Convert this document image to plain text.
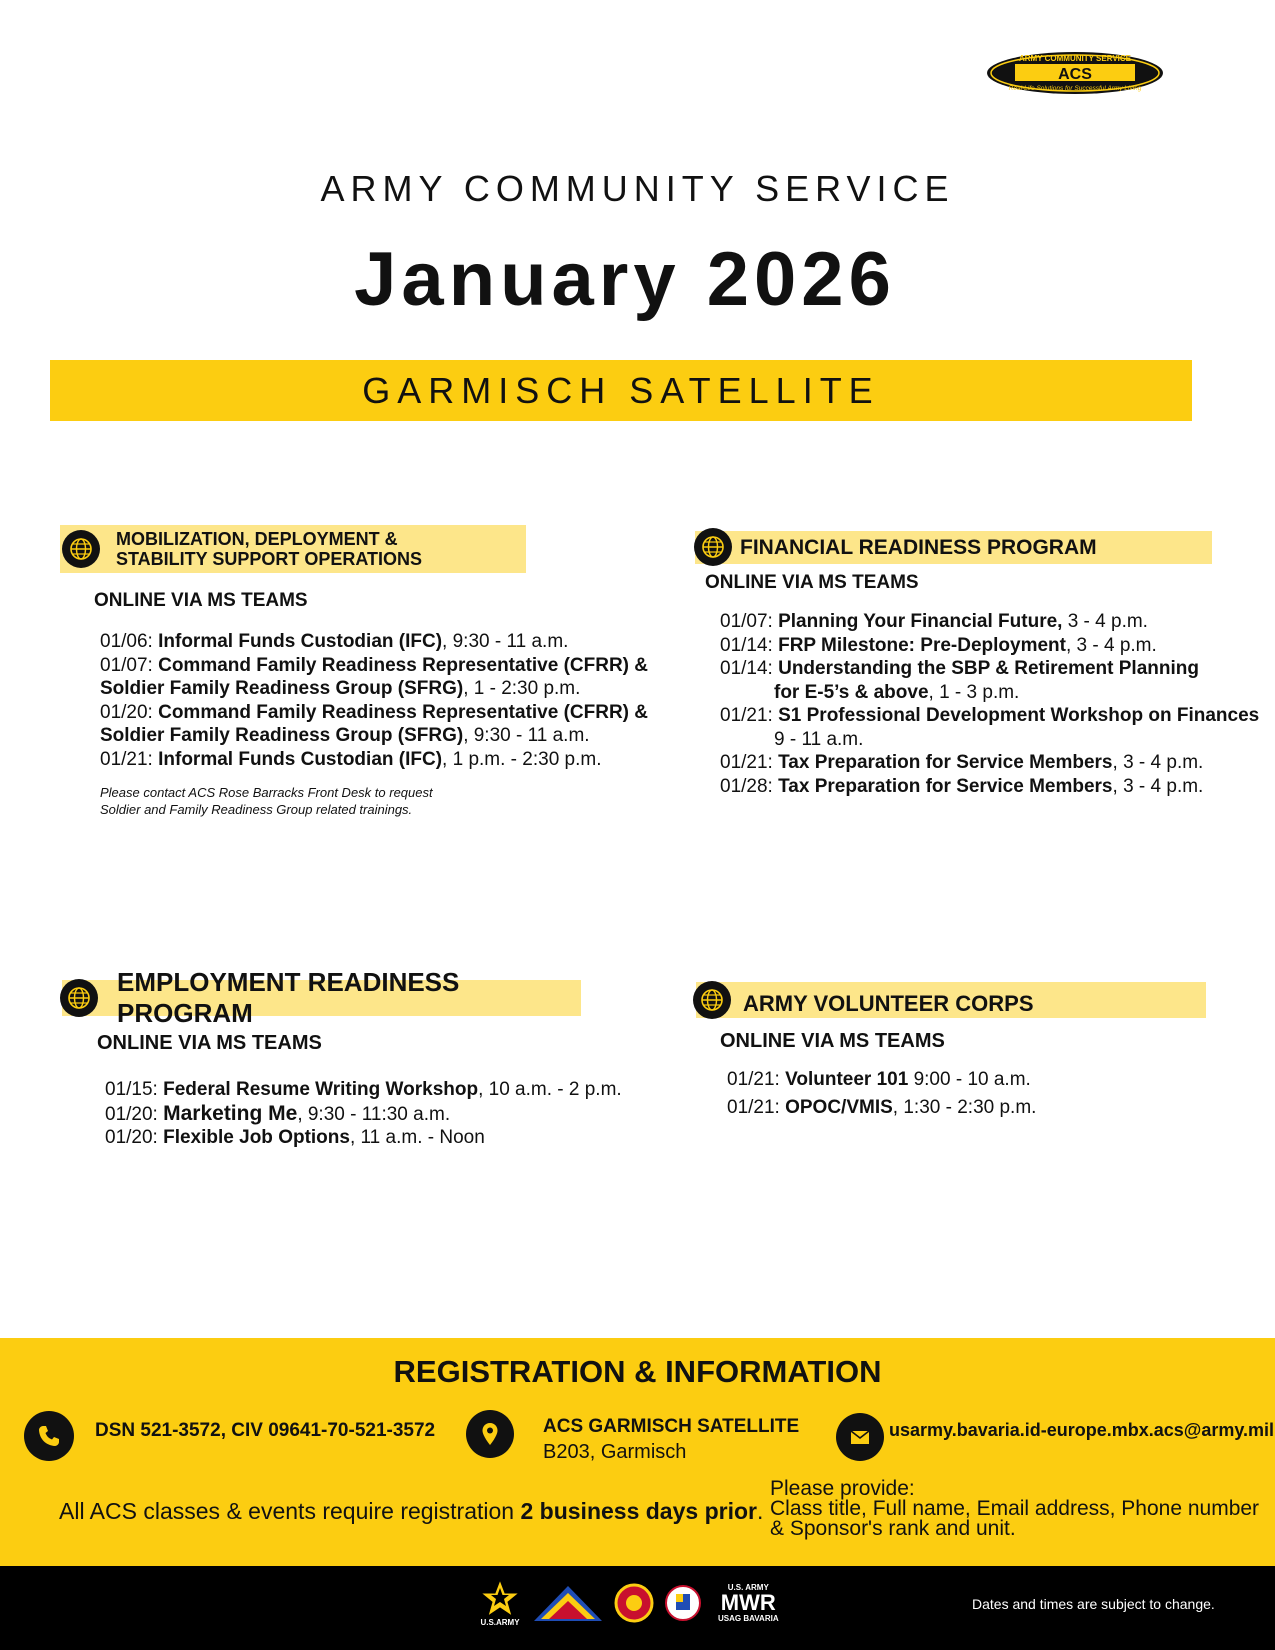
ARMY COMMUNITY SERVICE
ACS
Real-Life Solutions for Successful Army Living
ARMY COMMUNITY SERVICE
January 2026
GARMISCH SATELLITE
MOBILIZATION, DEPLOYMENT &
STABILITY SUPPORT OPERATIONS
ONLINE VIA MS TEAMS
01/06: Informal Funds Custodian (IFC), 9:30 - 11 a.m.
01/07: Command Family Readiness Representative (CFRR) &
Soldier Family Readiness Group (SFRG), 1 - 2:30 p.m.
01/20: Command Family Readiness Representative (CFRR) &
Soldier Family Readiness Group (SFRG), 9:30 - 11 a.m.
01/21: Informal Funds Custodian (IFC), 1 p.m. - 2:30 p.m.
Please contact ACS Rose Barracks Front Desk to request
Soldier and Family Readiness Group related trainings.
FINANCIAL READINESS PROGRAM
ONLINE VIA MS TEAMS
01/07: Planning Your Financial Future, 3 - 4 p.m.
01/14: FRP Milestone: Pre-Deployment, 3 - 4 p.m.
01/14: Understanding the SBP & Retirement Planning
for E-5’s & above, 1 - 3 p.m.
01/21: S1 Professional Development Workshop on Finances
9 - 11 a.m.
01/21: Tax Preparation for Service Members, 3 - 4 p.m.
01/28: Tax Preparation for Service Members, 3 - 4 p.m.
EMPLOYMENT READINESS PROGRAM
ONLINE VIA MS TEAMS
01/15: Federal Resume Writing Workshop, 10 a.m. - 2 p.m.
01/20: Marketing Me, 9:30 - 11:30 a.m.
01/20: Flexible Job Options, 11 a.m. - Noon
ARMY VOLUNTEER CORPS
ONLINE VIA MS TEAMS
01/21: Volunteer 101 9:00 - 10 a.m.
01/21: OPOC/VMIS, 1:30 - 2:30 p.m.
REGISTRATION & INFORMATION
DSN 521-3572, CIV 09641-70-521-3572	ACS GARMISCH SATELLITE
B203, Garmisch
usarmy.bavaria.id-europe.mbx.acs@army.mil
All ACS classes & events require registration 2 business days prior.
Please provide:
Class title, Full name, Email address, Phone number
& Sponsor's rank and unit.
U.S.ARMY
U.S. ARMY
MWR
USAG BAVARIA
Dates and times are subject to change.
